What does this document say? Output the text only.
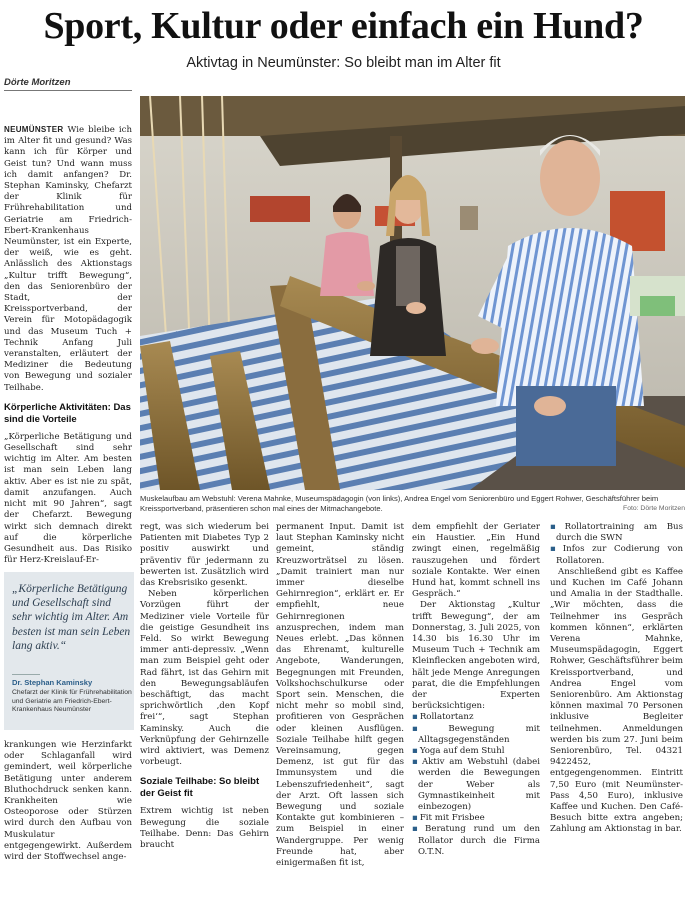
Sport, Kultur oder einfach ein Hund?
Aktivtag in Neumünster: So bleibt man im Alter fit
Dörte Moritzen

NEUMÜNSTER Wie bleibe ich im Alter fit und gesund? Was kann ich für Körper und Geist tun? Und wann muss ich damit anfangen? Dr. Stephan Kaminsky, Chefarzt der Klinik für Frührehabilitation und Geriatrie am Friedrich-Ebert-Krankenhaus Neumünster, ist ein Experte, der weiß, wie es geht. Anlässlich des Aktionstags „Kultur trifft Bewegung“, den das Seniorenbüro der Stadt, der Kreissportverband, der Verein für Motopädagogik und das Museum Tuch + Technik Anfang Juli veranstalten, erläutert der Mediziner die Bedeutung von Bewegung und sozialer Teilhabe.

Körperliche Aktivitäten: Das sind die Vorteile

„Körperliche Betätigung und Gesellschaft sind sehr wichtig im Alter. Am besten ist man sein Leben lang aktiv. Aber es ist nie zu spät, damit anzufangen. Auch nicht mit 90 Jahren“, sagt der Chefarzt. Bewegung wirkt sich demnach direkt auf die körperliche Gesundheit aus. Das Risiko für Herz-Kreislauf-Er-

Muskelaufbau am Webstuhl: Verena Mahnke, Museumspädagogin (von links), Andrea Engel vom Seniorenbüro und Eggert Rohwer, Geschäftsführer beim Kreissportverband, präsentieren schon mal eines der Mitmachangebote.	Foto: Dörte Moritzen
„Körperliche Betätigung und Gesellschaft sind sehr wichtig im Alter. Am besten ist man sein Leben lang aktiv.“
Dr. Stephan Kaminsky
Chefarzt der Klinik für Frührehabilitation und Geriatrie am Friedrich-Ebert-Krankenhaus Neumünster

krankungen wie Herzinfarkt oder Schlaganfall wird gemindert, weil körperliche Betätigung unter anderem Bluthochdruck senken kann. Krankheiten wie Osteoporose oder Stürzen wird durch den Aufbau von Muskulatur entgegengewirkt. Außerdem wird der Stoffwechsel ange-

regt, was sich wiederum bei Patienten mit Diabetes Typ 2 positiv auswirkt und präventiv für jedermann zu bewerten ist. Zusätzlich wird das Krebsrisiko gesenkt.

Neben körperlichen Vorzügen führt der Mediziner viele Vorteile für die geistige Gesundheit ins Feld. So wirkt Bewegung immer anti-depressiv. „Wenn man zum Beispiel geht oder Rad fährt, ist das Gehirn mit den Bewegungsabläufen beschäftigt, das macht sprichwörtlich ‚den Kopf frei‘“, sagt Stephan Kaminsky. Auch die Verknüpfung der Gehirnzelle wird aktiviert, was Demenz vorbeugt.

Soziale Teilhabe: So bleibt der Geist fit

Extrem wichtig ist neben Bewegung die soziale Teilhabe. Denn: Das Gehirn braucht

permanent Input. Damit ist laut Stephan Kaminsky nicht gemeint, ständig Kreuzworträtsel zu lösen. „Damit trainiert man nur immer dieselbe Gehirnregion“, erklärt er. Er empfiehlt, neue Gehirnregionen anzusprechen, indem man Neues erlebt. „Das können das Ehrenamt, kulturelle Angebote, Wanderungen, Begegnungen mit Freunden, Volkshochschulkurse oder Sport sein. Menschen, die nicht mehr so mobil sind, profitieren von Gesprächen oder kleinen Ausflügen. Soziale Teilhabe hilft gegen Vereinsamung, gegen Demenz, ist gut für das Immunsystem und die Lebenszufriedenheit“, sagt der Arzt. Oft lassen sich Bewegung und soziale Kontakte gut kombinieren – zum Beispiel in einer Wandergruppe. Per wenig Freunde hat, aber einigermaßen fit ist,

dem empfiehlt der Geriater ein Haustier. „Ein Hund zwingt einen, regelmäßig rauszugehen und fördert soziale Kontakte. Wer einen Hund hat, kommt schnell ins Gespräch.“

Der Aktionstag „Kultur trifft Bewegung“, der am Donnerstag, 3. Juli 2025, von 14.30 bis 16.30 Uhr im Museum Tuch + Technik am Kleinflecken angeboten wird, hält jede Menge Anregungen parat, die die Empfehlungen der Experten berücksichtigen:

▪ Rollatortanz
▪ Bewegung mit Alltagsgegenständen
▪ Yoga auf dem Stuhl
▪ Aktiv am Webstuhl (dabei werden die Bewegungen der Weber als Gymnastikeinheit mit einbezogen)
▪ Fit mit Frisbee
▪ Beratung rund um den Rollator durch die Firma O.T.N.
▪ Rollatortraining am Bus durch die SWN
▪ Infos zur Codierung von Rollatoren.

Anschließend gibt es Kaffee und Kuchen im Café Johann und Amalia in der Stadthalle. „Wir möchten, dass die Teilnehmer ins Gespräch kommen können“, erklärten Verena Mahnke, Museumspädagogin, Eggert Rohwer, Geschäftsführer beim Kreissportverband, und Andrea Engel vom Seniorenbüro. Am Aktionstag können maximal 70 Personen inklusive Begleiter teilnehmen. Anmeldungen werden bis zum 27. Juni beim Seniorenbüro, Tel. 04321 9422452, entgegengenommen. Eintritt 7,50 Euro (mit Neumünster-Pass 4,50 Euro), inklusive Kaffee und Kuchen. Den Café-Besuch bitte extra angeben; Zahlung am Aktionstag in bar.
